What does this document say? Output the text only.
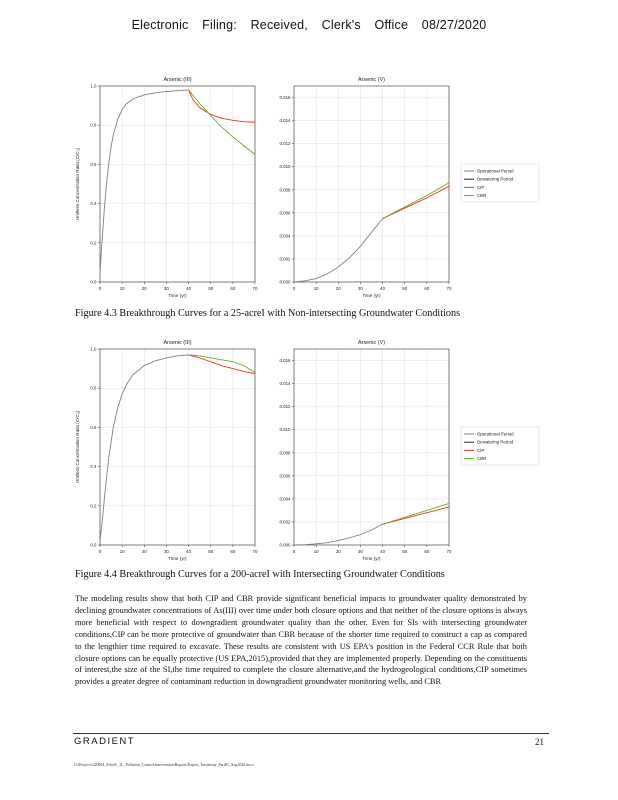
Electronic Filing: Received, Clerk's Office 08/27/2020
Arsenic (III)
0	10	20	30	40	50	60	70
0.0
0.2
0.4
0.6
0.8
1.0
Time (yr)
Unitless Concentration Ratio (C/C₀)
Arsenic (V)
0	10	20	30	40	50	60	70
0.000
0.002
0.004
0.006
0.008
0.010
0.012
0.014
0.016
Time (yr)
Operational Period
Dewatering Period
CIP
CBR
Figure 4.3 Breakthrough Curves for a 25-acreI with Non-intersecting Groundwater Conditions
Arsenic (III)
0	10	20	30	40	50	60	70
0.0
0.2
0.4
0.6
0.8
1.0
Time (yr)
Unitless Concentration Ratio (C/C₀)
Arsenic (V)
0	10	20	30	40	50	60	70
0.000
0.002
0.004
0.006
0.008
0.010
0.012
0.014
0.016
Time (yr)
Operational Period
Dewatering Period
CIP
CBR
Figure 4.4 Breakthrough Curves for a 200-acreI with Intersecting Groundwater Conditions

The modeling results show that both CIP and CBR provide significant beneficial impacts to groundwater quality demonstrated by declining groundwater concentrations of As(III) over time under both closure options and that neither of the closure options is always more beneficial with respect to downgradient groundwater quality than the other. Even for SIs with intersecting groundwater conditions,CIP can be more protective of groundwater than CBR because of the shorter time required to construct a cap as compared to the lengthier time required to excavate. These results are consistent with US EPA's position in the Federal CCR Rule that both closure options can be equally protective (US EPA,2015),provided that they are implemented properly. Depending on the constituents of interest,the size of the SI,the time required to complete the closure alternative,and the hydrogeological conditions,CIP sometimes provides a greater degree of contaminant reduction in downgradient groundwater monitoring wells, and CBR

GRADIENT	21
G:\Projects\220004_Scholl\_1L_Pollution_Control\Intervention\Reports\Expert_Testimony_PartIII_Aug2020.docx
